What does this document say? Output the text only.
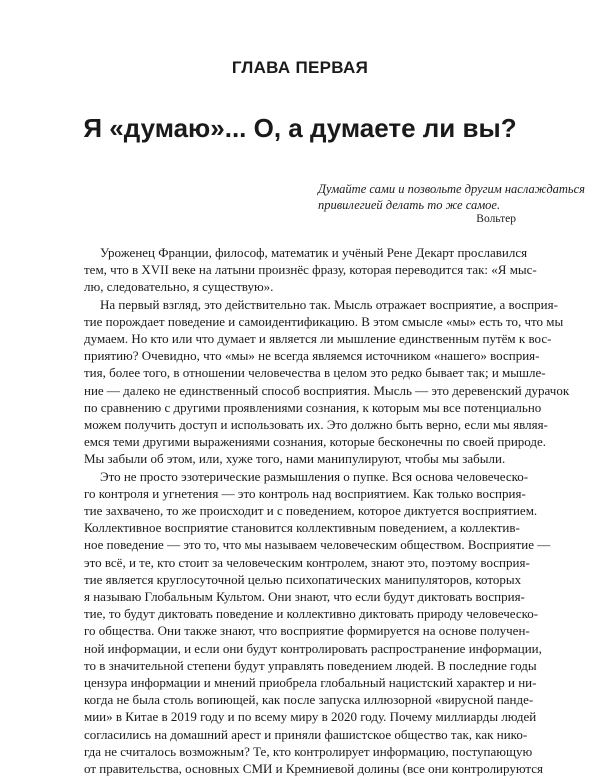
ГЛАВА ПЕРВАЯ
Я «думаю»... О, а думаете ли вы?
Думайте сами и позвольте другим наслаждаться
привилегией делать то же самое.
Вольтер
Уроженец Франции, философ, математик и учёный Рене Декарт прославился
тем, что в XVII веке на латыни произнёс фразу, которая переводится так: «Я мыс-
лю, следовательно, я существую».
На первый взгляд, это действительно так. Мысль отражает восприятие, а восприя-
тие порождает поведение и самоидентификацию. В этом смысле «мы» есть то, что мы
думаем. Но кто или что думает и является ли мышление единственным путём к вос-
приятию? Очевидно, что «мы» не всегда являемся источником «нашего» восприя-
тия, более того, в отношении человечества в целом это редко бывает так; и мышле-
ние — далеко не единственный способ восприятия. Мысль — это деревенский дурачок
по сравнению с другими проявлениями сознания, к которым мы все потенциально
можем получить доступ и использовать их. Это должно быть верно, если мы являя-
емся теми другими выражениями сознания, которые бесконечны по своей природе.
Мы забыли об этом, или, хуже того, нами манипулируют, чтобы мы забыли.
Это не просто эзотерические размышления о пупке. Вся основа человеческо-
го контроля и угнетения — это контроль над восприятием. Как только восприя-
тие захвачено, то же происходит и с поведением, которое диктуется восприятием.
Коллективное восприятие становится коллективным поведением, а коллектив-
ное поведение — это то, что мы называем человеческим обществом. Восприятие —
это всё, и те, кто стоит за человеческим контролем, знают это, поэтому восприя-
тие является круглосуточной целью психопатических манипуляторов, которых
я называю Глобальным Культом. Они знают, что если будут диктовать восприя-
тие, то будут диктовать поведение и коллективно диктовать природу человеческо-
го общества. Они также знают, что восприятие формируется на основе получен-
ной информации, и если они будут контролировать распространение информации,
то в значительной степени будут управлять поведением людей. В последние годы
цензура информации и мнений приобрела глобальный нацистский характер и ни-
когда не была столь вопиющей, как после запуска иллюзорной «вирусной панде-
мии» в Китае в 2019 году и по всему миру в 2020 году. Почему миллиарды людей
согласились на домашний арест и приняли фашистское общество так, как нико-
гда не считалось возможным? Те, кто контролирует информацию, поступающую
от правительства, основных СМИ и Кремниевой долины (все они контролируются
